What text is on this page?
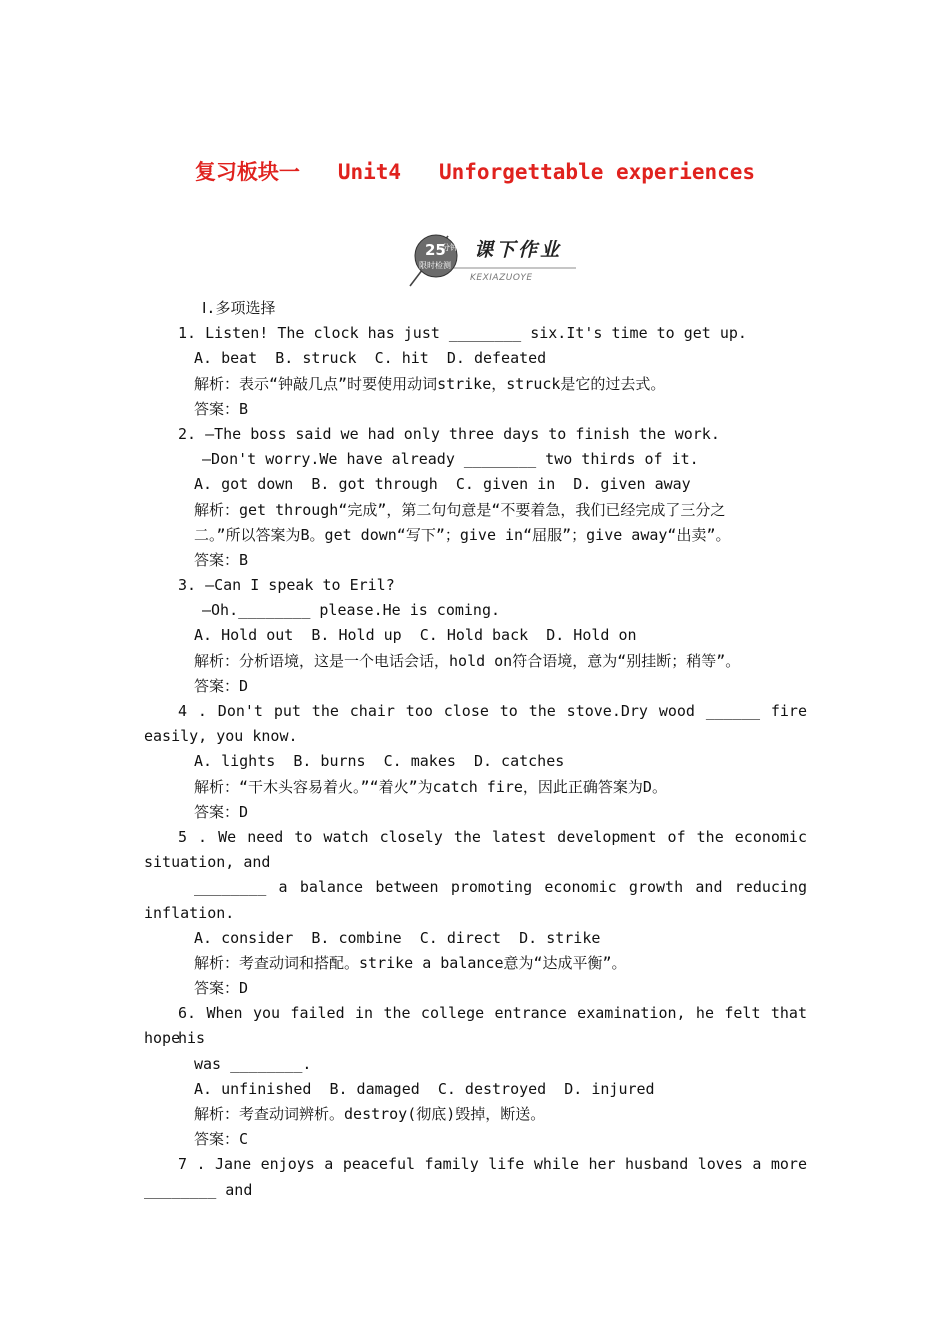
复习板块一   Unit4   Unforgettable experiences
25
分钟
限时检测
课下作业
KEXIAZUOYE
Ⅰ.多项选择
1. Listen! The clock has just ________ six.It's time to get up.
A. beat  B. struck  C. hit  D. defeated
解析：表示“钟敲几点”时要使用动词strike，struck是它的过去式。
答案：B
2. —The boss said we had only three days to finish the work.
—Don't worry.We have already ________ two thirds of it.
A. got down  B. got through  C. given in  D. given away
解析：get through“完成”，第二句句意是“不要着急，我们已经完成了三分之
二。”所以答案为B。get down“写下”；give in“屈服”；give away“出卖”。
答案：B
3. —Can I speak to Eril?
—Oh.________ please.He is coming.
A. Hold out  B. Hold up  C. Hold back  D. Hold on
解析：分析语境，这是一个电话会话，hold on符合语境，意为“别挂断；稍等”。
答案：D
4 . Don't put the chair too close to the stove.Dry wood ______ fire
easily, you know.
A. lights  B. burns  C. makes  D. catches
解析：“干木头容易着火。”“着火”为catch fire，因此正确答案为D。
答案：D
5 . We need to watch closely the latest development of the economic
situation, and
________ a balance between promoting economic growth and reducing
inflation.
A. consider  B. combine  C. direct  D. strike
解析：考查动词和搭配。strike a balance意为“达成平衡”。
答案：D
6. When you failed in the college entrance examination, he felt that his
hope
was ________.
A. unfinished  B. damaged  C. destroyed  D. injured
解析：考查动词辨析。destroy(彻底)毁掉，断送。
答案：C
7 . Jane enjoys a peaceful family life while her husband loves a more
________ and
